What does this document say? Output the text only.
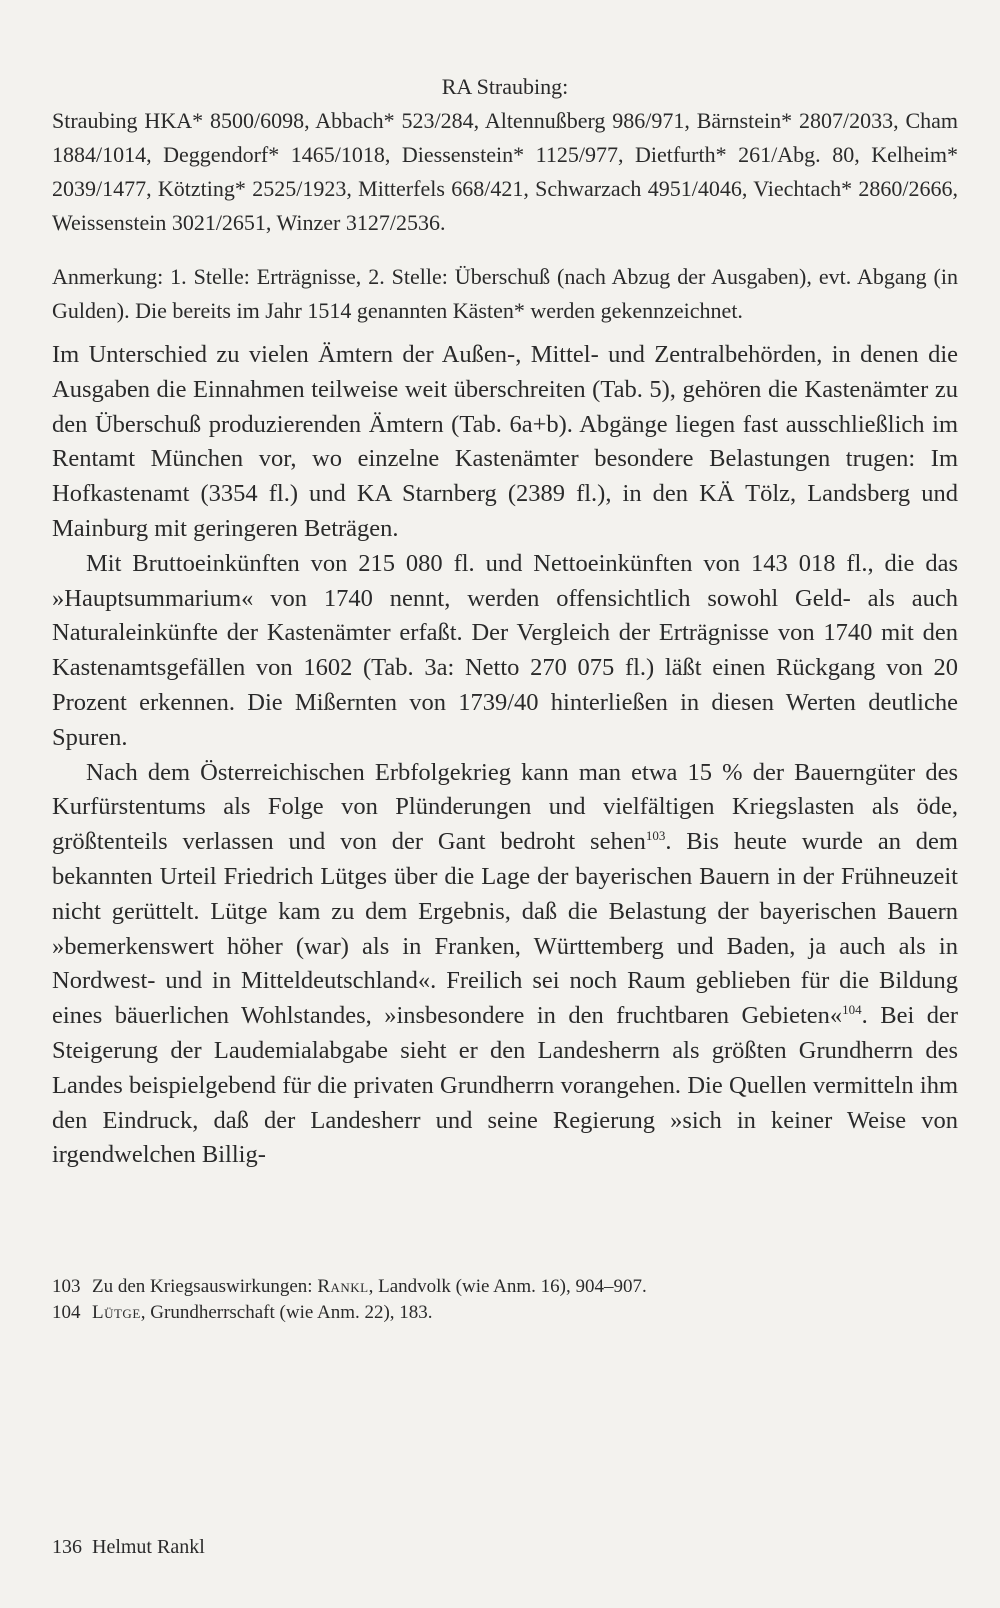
RA Straubing:

Straubing HKA* 8500/6098, Abbach* 523/284, Altennußberg 986/971, Bärnstein* 2807/2033, Cham 1884/1014, Deggendorf* 1465/1018, Diessenstein* 1125/977, Dietfurth* 261/Abg. 80, Kelheim* 2039/1477, Kötzting* 2525/1923, Mitterfels 668/421, Schwarzach 4951/4046, Viechtach* 2860/2666, Weissenstein 3021/2651, Winzer 3127/2536.

Anmerkung: 1. Stelle: Erträgnisse, 2. Stelle: Überschuß (nach Abzug der Ausgaben), evt. Abgang (in Gulden). Die bereits im Jahr 1514 genannten Kästen* werden gekennzeichnet.

Im Unterschied zu vielen Ämtern der Außen-, Mittel- und Zentralbehörden, in denen die Ausgaben die Einnahmen teilweise weit überschreiten (Tab. 5), gehören die Kastenämter zu den Überschuß produzierenden Ämtern (Tab. 6a+b). Abgänge liegen fast ausschließlich im Rentamt München vor, wo einzelne Kastenämter besondere Belastungen trugen: Im Hofkastenamt (3354 fl.) und KA Starnberg (2389 fl.), in den KÄ Tölz, Landsberg und Mainburg mit geringeren Beträgen.

Mit Bruttoeinkünften von 215 080 fl. und Nettoeinkünften von 143 018 fl., die das »Hauptsummarium« von 1740 nennt, werden offensichtlich sowohl Geld- als auch Naturaleinkünfte der Kastenämter erfaßt. Der Vergleich der Erträgnisse von 1740 mit den Kastenamtsgefällen von 1602 (Tab. 3a: Netto 270 075 fl.) läßt einen Rückgang von 20 Prozent erkennen. Die Mißernten von 1739/40 hinterließen in diesen Werten deutliche Spuren.

Nach dem Österreichischen Erbfolgekrieg kann man etwa 15 % der Bauerngüter des Kurfürstentums als Folge von Plünderungen und vielfältigen Kriegslasten als öde, größtenteils verlassen und von der Gant bedroht sehen$^{103}$. Bis heute wurde an dem bekannten Urteil Friedrich Lütges über die Lage der bayerischen Bauern in der Frühneuzeit nicht gerüttelt. Lütge kam zu dem Ergebnis, daß die Belastung der bayerischen Bauern »bemerkenswert höher (war) als in Franken, Württemberg und Baden, ja auch als in Nordwest- und in Mitteldeutschland«. Freilich sei noch Raum geblieben für die Bildung eines bäuerlichen Wohlstandes, »insbesondere in den fruchtbaren Gebieten«$^{104}$. Bei der Steigerung der Laudemialabgabe sieht er den Landesherrn als größten Grundherrn des Landes beispielgebend für die privaten Grundherrn vorangehen. Die Quellen vermitteln ihm den Eindruck, daß der Landesherr und seine Regierung »sich in keiner Weise von irgendwelchen Billig-

103 Zu den Kriegsauswirkungen: Rankl, Landvolk (wie Anm. 16), 904–907.

104 Lütge, Grundherrschaft (wie Anm. 22), 183.

136 Helmut Rankl
